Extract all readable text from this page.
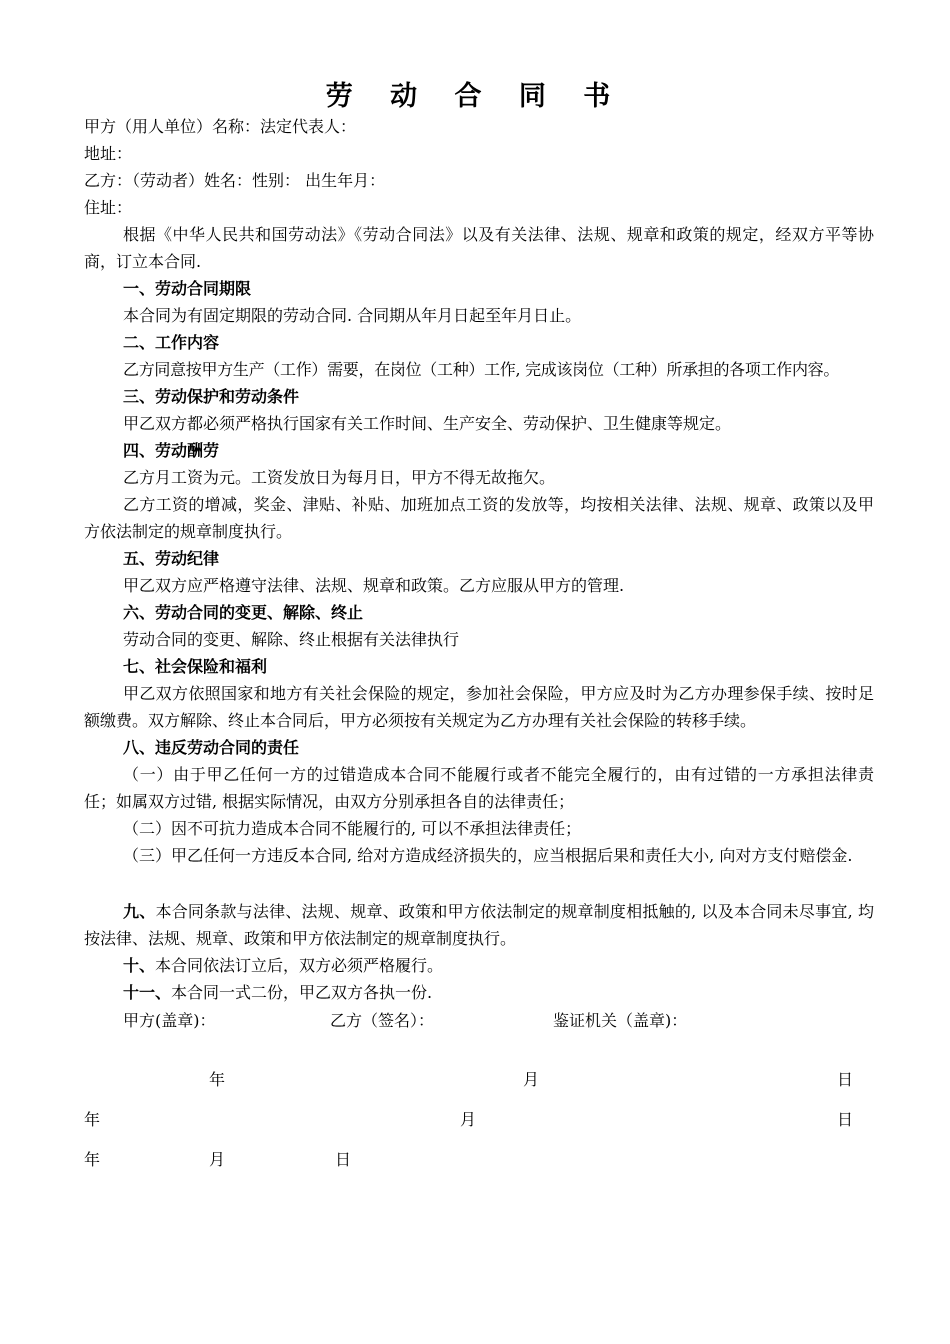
劳 动 合 同 书
甲方（用人单位）名称：法定代表人：
地址：
乙方：（劳动者）姓名：性别： 出生年月：
住址：
根据《中华人民共和国劳动法》《劳动合同法》以及有关法律、法规、规章和政策的规定，经双方平等协商，订立本合同.
一、劳动合同期限
本合同为有固定期限的劳动合同. 合同期从年月日起至年月日止。
二、工作内容
乙方同意按甲方生产（工作）需要，在岗位（工种）工作, 完成该岗位（工种）所承担的各项工作内容。
三、劳动保护和劳动条件
甲乙双方都必须严格执行国家有关工作时间、生产安全、劳动保护、卫生健康等规定。
四、劳动酬劳
乙方月工资为元。工资发放日为每月日，甲方不得无故拖欠。
乙方工资的增减，奖金、津贴、补贴、加班加点工资的发放等，均按相关法律、法规、规章、政策以及甲方依法制定的规章制度执行。
五、劳动纪律
甲乙双方应严格遵守法律、法规、规章和政策。乙方应服从甲方的管理.
六、劳动合同的变更、解除、终止
劳动合同的变更、解除、终止根据有关法律执行
七、社会保险和福利
甲乙双方依照国家和地方有关社会保险的规定，参加社会保险，甲方应及时为乙方办理参保手续、按时足额缴费。双方解除、终止本合同后，甲方必须按有关规定为乙方办理有关社会保险的转移手续。
八、违反劳动合同的责任
（一）由于甲乙任何一方的过错造成本合同不能履行或者不能完全履行的，由有过错的一方承担法律责任；如属双方过错, 根据实际情况，由双方分别承担各自的法律责任；
（二）因不可抗力造成本合同不能履行的, 可以不承担法律责任；
（三）甲乙任何一方违反本合同, 给对方造成经济损失的，应当根据后果和责任大小, 向对方支付赔偿金.
九、本合同条款与法律、法规、规章、政策和甲方依法制定的规章制度相抵触的, 以及本合同未尽事宜, 均按法律、法规、规章、政策和甲方依法制定的规章制度执行。
十、本合同依法订立后，双方必须严格履行。
十一、本合同一式二份，甲乙双方各执一份.
甲方(盖章)：	乙方（签名）：	鉴证机关（盖章)：
年	月	日
年	月	日
年	月	日
